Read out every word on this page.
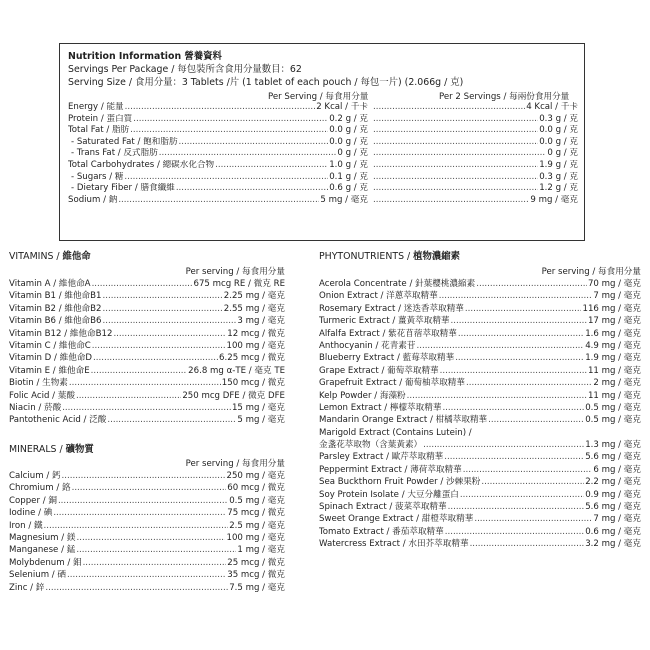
Nutrition Information 營養資料
Servings Per Package / 每包裝所含食用分量數目：62
Serving Size / 食用分量：3 Tablets /片 (1 tablet of each pouch / 每包一片) (2.066g / 克)
Per Serving / 每食用分量	Per 2 Servings / 每兩份食用分量
Energy / 能量 .....	2 Kcal / 千卡 .....	4 Kcal / 千卡
Protein / 蛋白質 .....	0.2 g / 克 .....	0.3 g / 克
Total Fat / 脂肪 .....	0.0 g / 克 .....	0.0 g / 克
- Saturated Fat / 飽和脂肪 .....	0.0 g / 克 .....	0.0 g / 克
- Trans Fat / 反式脂肪 .....	0 g / 克 .....	0 g / 克
Total Carbohydrates / 總碳水化合物 .....	1.0 g / 克 .....	1.9 g / 克
- Sugars / 糖 .....	0.1 g / 克 .....	0.3 g / 克
- Dietary Fiber / 膳食纖維 .....	0.6 g / 克 .....	1.2 g / 克
Sodium / 鈉 .....	5 mg / 毫克 .....	9 mg / 毫克
VITAMINS / 維他命
Per serving / 每食用分量
Vitamin A / 維他命A .....	675 mcg RE / 微克 RE
Vitamin B1 / 維他命B1 .....	2.25 mg / 毫克
Vitamin B2 / 維他命B2 .....	2.55 mg / 毫克
Vitamin B6 / 維他命B6 .....	3 mg / 毫克
Vitamin B12 / 維他命B12 .....	12 mcg / 微克
Vitamin C / 維他命C .....	100 mg / 毫克
Vitamin D / 維他命D .....	6.25 mcg / 微克
Vitamin E / 維他命E .....	26.8 mg α-TE / 毫克 TE
Biotin / 生物素 .....	150 mcg / 微克
Folic Acid / 葉酸 .....	250 mcg DFE / 微克 DFE
Niacin / 菸酸 .....	15 mg / 毫克
Pantothenic Acid / 泛酸 .....	5 mg / 毫克
MINERALS / 礦物質
Per serving / 每食用分量
Calcium / 鈣 .....	250 mg / 毫克
Chromium / 鉻 .....	60 mcg / 微克
Copper / 銅 .....	0.5 mg / 毫克
Iodine / 碘 .....	75 mcg / 微克
Iron / 鐵 .....	2.5 mg / 毫克
Magnesium / 鎂 .....	100 mg / 毫克
Manganese / 錳 .....	1 mg / 毫克
Molybdenum / 鉬 .....	25 mcg / 微克
Selenium / 硒 .....	35 mcg / 微克
Zinc / 鋅 .....	7.5 mg / 毫克
PHYTONUTRIENTS / 植物濃縮素
Per serving / 每食用分量
Acerola Concentrate / 針葉櫻桃濃縮素 .....	70 mg / 毫克
Onion Extract / 洋蔥萃取精華 .....	7 mg / 毫克
Rosemary Extract / 迷迭香萃取精華 .....	116 mg / 毫克
Turmeric Extract / 薑黃萃取精華 .....	17 mg / 毫克
Alfalfa Extract / 紫花苜蓿萃取精華 .....	1.6 mg / 毫克
Anthocyanin / 花青素苷 .....	4.9 mg / 毫克
Blueberry Extract / 藍莓萃取精華 .....	1.9 mg / 毫克
Grape Extract / 葡萄萃取精華 .....	11 mg / 毫克
Grapefruit Extract / 葡萄柚萃取精華 .....	2 mg / 毫克
Kelp Powder / 海藻粉 .....	11 mg / 毫克
Lemon Extract / 檸檬萃取精華 .....	0.5 mg / 毫克
Mandarin Orange Extract / 柑橘萃取精華 .....	0.5 mg / 毫克
Marigold Extract (Contains Lutein) /
金盞花萃取物（含葉黃素） .....	1.3 mg / 毫克
Parsley Extract / 歐芹萃取精華 .....	5.6 mg / 毫克
Peppermint Extract / 薄荷萃取精華 .....	6 mg / 毫克
Sea Buckthorn Fruit Powder / 沙棘果粉 .....	2.2 mg / 毫克
Soy Protein Isolate / 大豆分離蛋白 .....	0.9 mg / 毫克
Spinach Extract / 菠菜萃取精華 .....	5.6 mg / 毫克
Sweet Orange Extract / 甜橙萃取精華 .....	7 mg / 毫克
Tomato Extract / 番茄萃取精華 .....	0.6 mg / 毫克
Watercress Extract / 水田芥萃取精華 .....	3.2 mg / 毫克
